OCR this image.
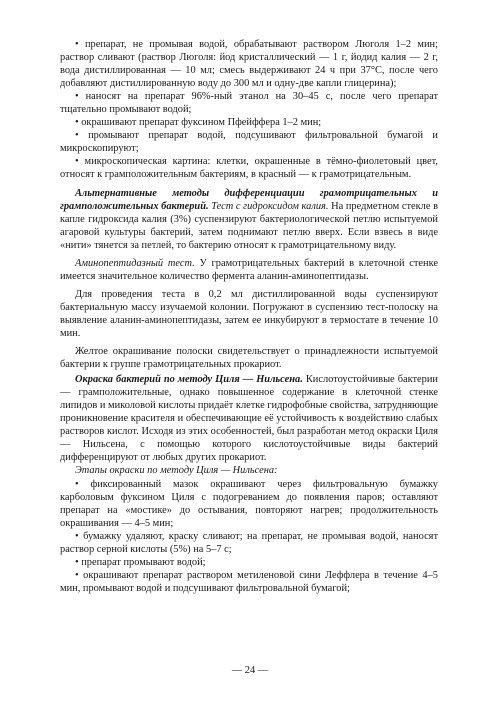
• препарат, не промывая водой, обрабатывают раствором Люголя 1–2 мин; раствор сливают (раствор Люголя: йод кристаллический — 1 г, йодид калия — 2 г, вода дистиллированная — 10 мл; смесь выдерживают 24 ч при 37°С, после чего добавляют дистиллированную воду до 300 мл и одну-две капли глицерина);

• наносят на препарат 96%-ный этанол на 30–45 с, после чего препарат тщательно промывают водой;

• окрашивают препарат фуксином Пфейффера 1–2 мин;

• промывают препарат водой, подсушивают фильтровальной бумагой и микроскопируют;

• микроскопическая картина: клетки, окрашенные в тёмно-фиолетовый цвет, относят к грамположительным бактериям, в красный — к грамотрицательным.

Альтернативные методы дифференциации грамотрицательных и грамположительных бактерий. Тест с гидроксидом калия. На предметном стекле в капле гидроксида калия (3%) суспензируют бактериологической петлю испытуемой агаровой культуры бактерий, затем поднимают петлю вверх. Если взвесь в виде «нити» тянется за петлей, то бактерию относят к грамотрицательному виду.

Аминопептидазный тест. У грамотрицательных бактерий в клеточной стенке имеется значительное количество фермента аланин-аминопептидазы.

Для проведения теста в 0,2 мл дистиллированной воды суспензируют бактериальную массу изучаемой колонии. Погружают в суспензию тест-полоску на выявление аланин-аминопептидазы, затем ее инкубируют в термостате в течение 10 мин.

Желтое окрашивание полоски свидетельствует о принадлежности испытуемой бактерии к группе грамотрицательных прокариот.

Окраска бактерий по методу Циля — Нильсена. Кислотоустойчивые бактерии — грамположительные, однако повышенное содержание в клеточной стенке липидов и миколовой кислоты придаёт клетке гидрофобные свойства, затрудняющие проникновение красителя и обеспечивающие её устойчивость к воздействию слабых растворов кислот. Исходя из этих особенностей, был разработан метод окраски Циля — Нильсена, с помощью которого кислотоустойчивые виды бактерий дифференцируют от любых других прокариот.

Этапы окраски по методу Циля — Нильсена:

• фиксированный мазок окрашивают через фильтровальную бумажку карболовым фуксином Циля с подогреванием до появления паров; оставляют препарат на «мостике» до остывания, повторяют нагрев; продолжительность окрашивания — 4–5 мин;

• бумажку удаляют, краску сливают; на препарат, не промывая водой, наносят раствор серной кислоты (5%) на 5–7 с;

• препарат промывают водой;

• окрашивают препарат раствором метиленовой сини Леффлера в течение 4–5 мин, промывают водой и подсушивают фильтровальной бумагой;

— 24 —
